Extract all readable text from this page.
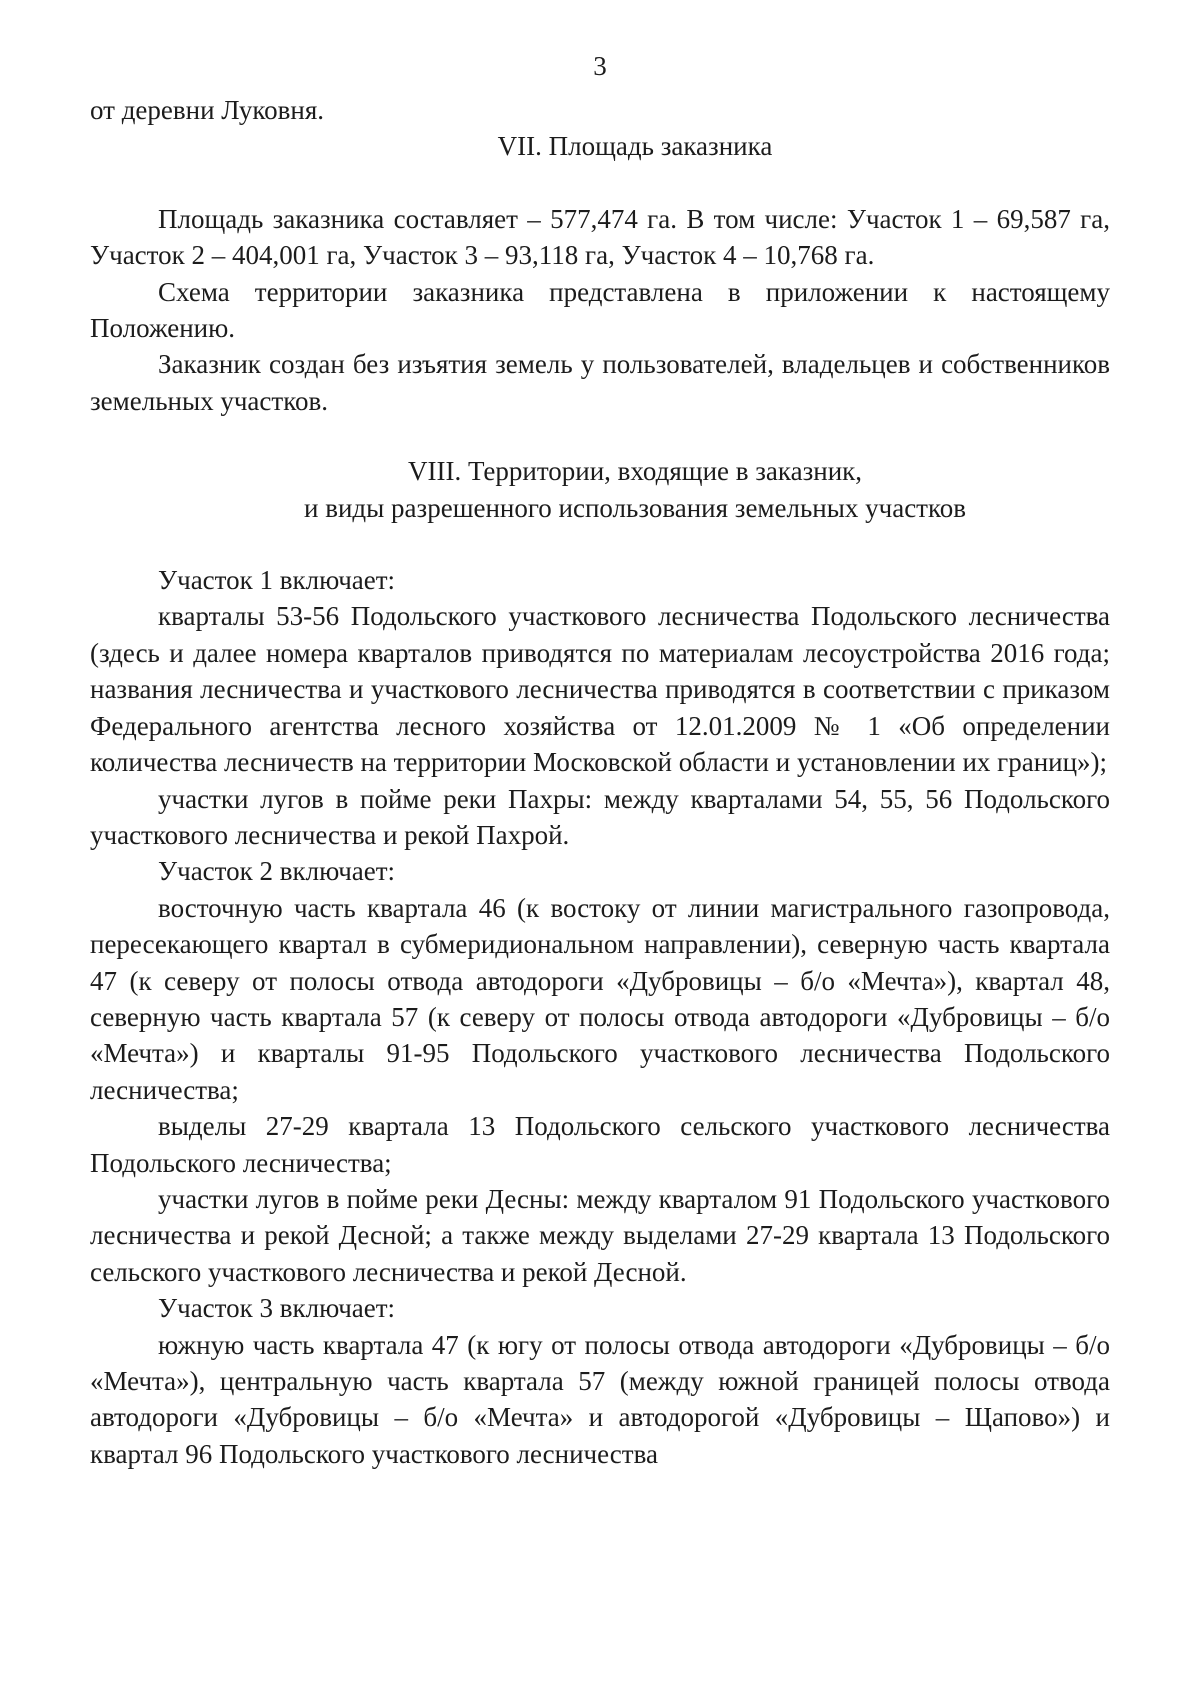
3

от деревни Луковня.

VII. Площадь заказника

Площадь заказника составляет – 577,474 га. В том числе: Участок 1 – 69,587 га, Участок 2 – 404,001 га, Участок 3 – 93,118 га, Участок 4 – 10,768 га.

Схема территории заказника представлена в приложении к настоящему Положению.

Заказник создан без изъятия земель у пользователей, владельцев и собственников земельных участков.

VIII. Территории, входящие в заказник,

и виды разрешенного использования земельных участков

Участок 1 включает:

кварталы 53-56 Подольского участкового лесничества Подольского лесничества (здесь и далее номера кварталов приводятся по материалам лесоустройства 2016 года; названия лесничества и участкового лесничества приводятся в соответствии с приказом Федерального агентства лесного хозяйства от 12.01.2009 № 1 «Об определении количества лесничеств на территории Московской области и установлении их границ»);

участки лугов в пойме реки Пахры: между кварталами 54, 55, 56 Подольского участкового лесничества и рекой Пахрой.

Участок 2 включает:

восточную часть квартала 46 (к востоку от линии магистрального газопровода, пересекающего квартал в субмеридиональном направлении), северную часть квартала 47 (к северу от полосы отвода автодороги «Дубровицы – б/о «Мечта»), квартал 48, северную часть квартала 57 (к северу от полосы отвода автодороги «Дубровицы – б/о «Мечта») и кварталы 91-95 Подольского участкового лесничества Подольского лесничества;

выделы 27-29 квартала 13 Подольского сельского участкового лесничества Подольского лесничества;

участки лугов в пойме реки Десны: между кварталом 91 Подольского участкового лесничества и рекой Десной; а также между выделами 27-29 квартала 13 Подольского сельского участкового лесничества и рекой Десной.

Участок 3 включает:

южную часть квартала 47 (к югу от полосы отвода автодороги «Дубровицы – б/о «Мечта»), центральную часть квартала 57 (между южной границей полосы отвода автодороги «Дубровицы – б/о «Мечта» и автодорогой «Дубровицы – Щапово») и квартал 96 Подольского участкового лесничества
